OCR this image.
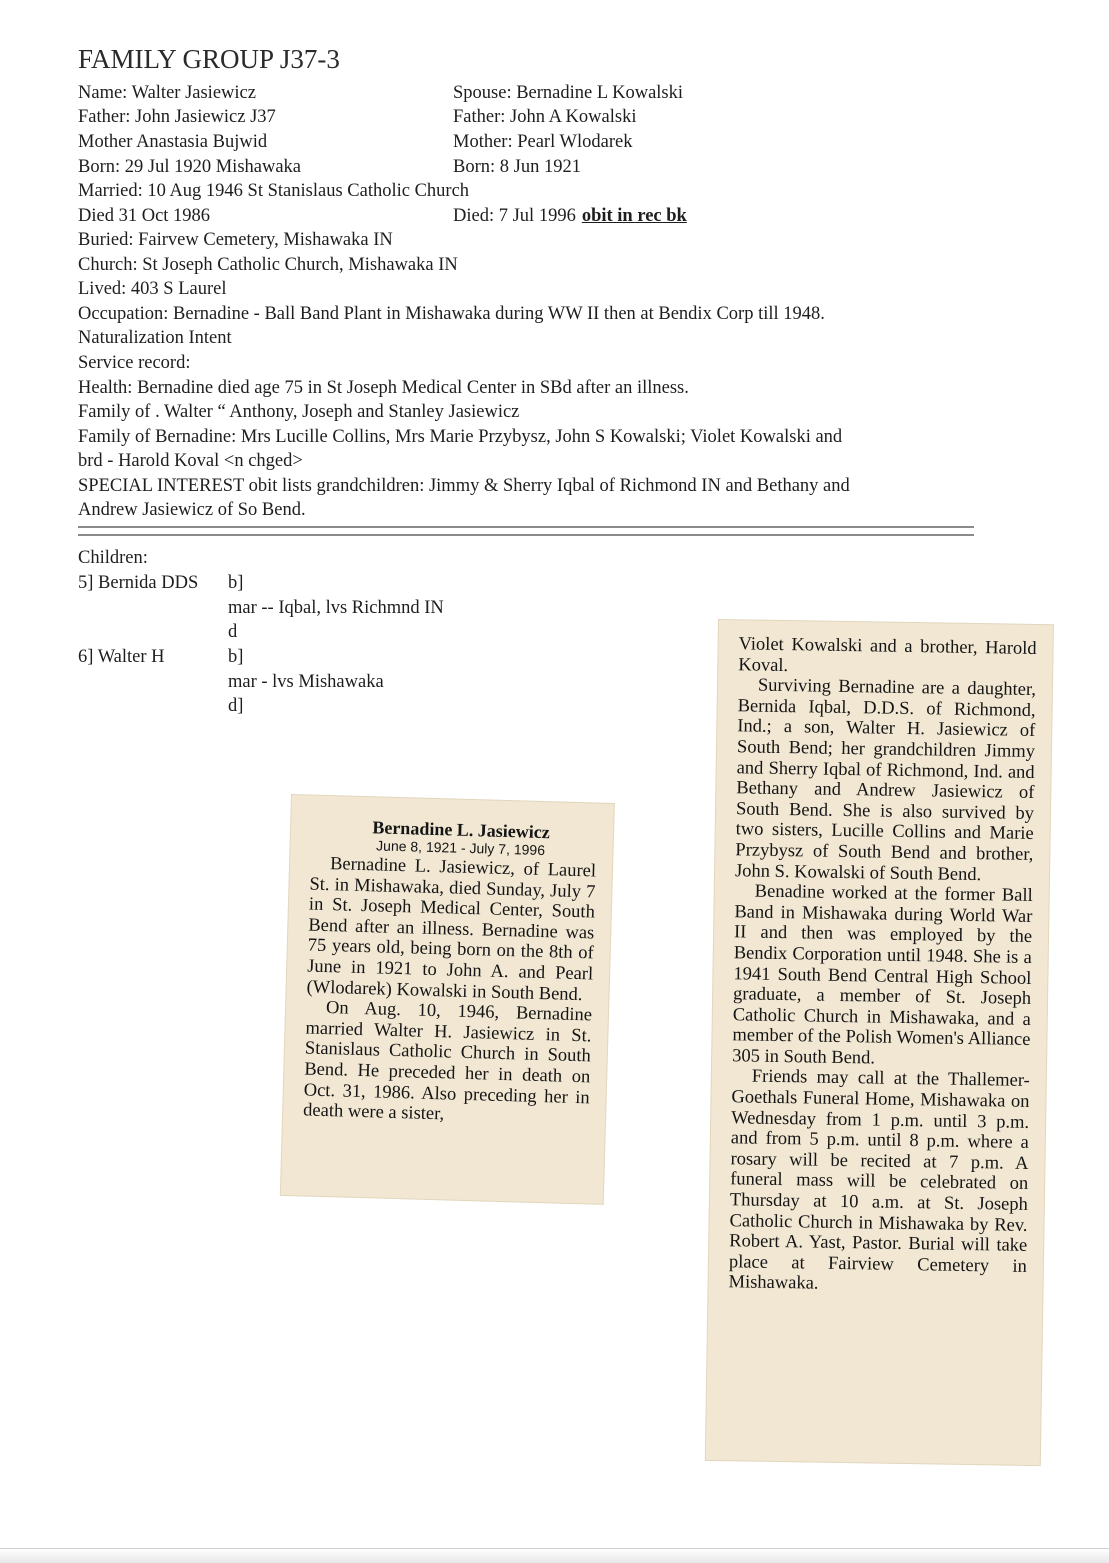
FAMILY GROUP J37-3
Name: Walter Jasiewicz
Father: John Jasiewicz J37
Mother Anastasia Bujwid
Born: 29 Jul 1920 Mishawaka
Married: 10 Aug 1946 St Stanislaus Catholic Church
Died 31 Oct 1986
Buried: Fairvew Cemetery, Mishawaka IN
Church: St Joseph Catholic Church, Mishawaka IN
Lived: 403 S Laurel
Occupation: Bernadine - Ball Band Plant in Mishawaka during WW II then at Bendix Corp till 1948.
Naturalization Intent
Service record:
Health: Bernadine died age 75 in St Joseph Medical Center in SBd after an illness.
Family of . Walter “ Anthony, Joseph and Stanley Jasiewicz
Family of Bernadine: Mrs Lucille Collins, Mrs Marie Przybysz, John S Kowalski; Violet Kowalski and
brd - Harold Koval <n chged>
SPECIAL INTEREST obit lists grandchildren: Jimmy & Sherry Iqbal of Richmond IN and Bethany and
Andrew Jasiewicz of So Bend.
Spouse: Bernadine L Kowalski
Father: John A Kowalski
Mother: Pearl Wlodarek
Born: 8 Jun 1921
Died: 7 Jul 1996 obit in rec bk
Children:
5] Bernida DDS b]
mar -- Iqbal, lvs Richmnd IN
d
6] Walter H	b]
mar - lvs Mishawaka
d]
Bernadine L. Jasiewicz
June 8, 1921 - July 7, 1996

Bernadine L. Jasiewicz, of Laurel St. in Mishawaka, died Sunday, July 7 in St. Joseph Medical Center, South Bend after an illness. Bernadine was 75 years old, being born on the 8th of June in 1921 to John A. and Pearl (Wlodarek) Kowalski in South Bend.

On Aug. 10, 1946, Bernadine married Walter H. Jasiewicz in St. Stanislaus Catholic Church in South Bend. He preceded her in death on Oct. 31, 1986. Also preceding her in death were a sister,

Violet Kowalski and a brother, Harold Koval.

Surviving Bernadine are a daughter, Bernida Iqbal, D.D.S. of Richmond, Ind.; a son, Walter H. Jasiewicz of South Bend; her grandchildren Jimmy and Sherry Iqbal of Richmond, Ind. and Bethany and Andrew Jasiewicz of South Bend. She is also survived by two sisters, Lucille Collins and Marie Przybysz of South Bend and brother, John S. Kowalski of South Bend.

Benadine worked at the former Ball Band in Mishawaka during World War II and then was employed by the Bendix Corporation until 1948. She is a 1941 South Bend Central High School graduate, a member of St. Joseph Catholic Church in Mishawaka, and a member of the Polish Women's Alliance 305 in South Bend.

Friends may call at the Thallemer-Goethals Funeral Home, Mishawaka on Wednesday from 1 p.m. until 3 p.m. and from 5 p.m. until 8 p.m. where a rosary will be recited at 7 p.m. A funeral mass will be celebrated on Thursday at 10 a.m. at St. Joseph Catholic Church in Mishawaka by Rev. Robert A. Yast, Pastor. Burial will take place at Fairview Cemetery in Mishawaka.
